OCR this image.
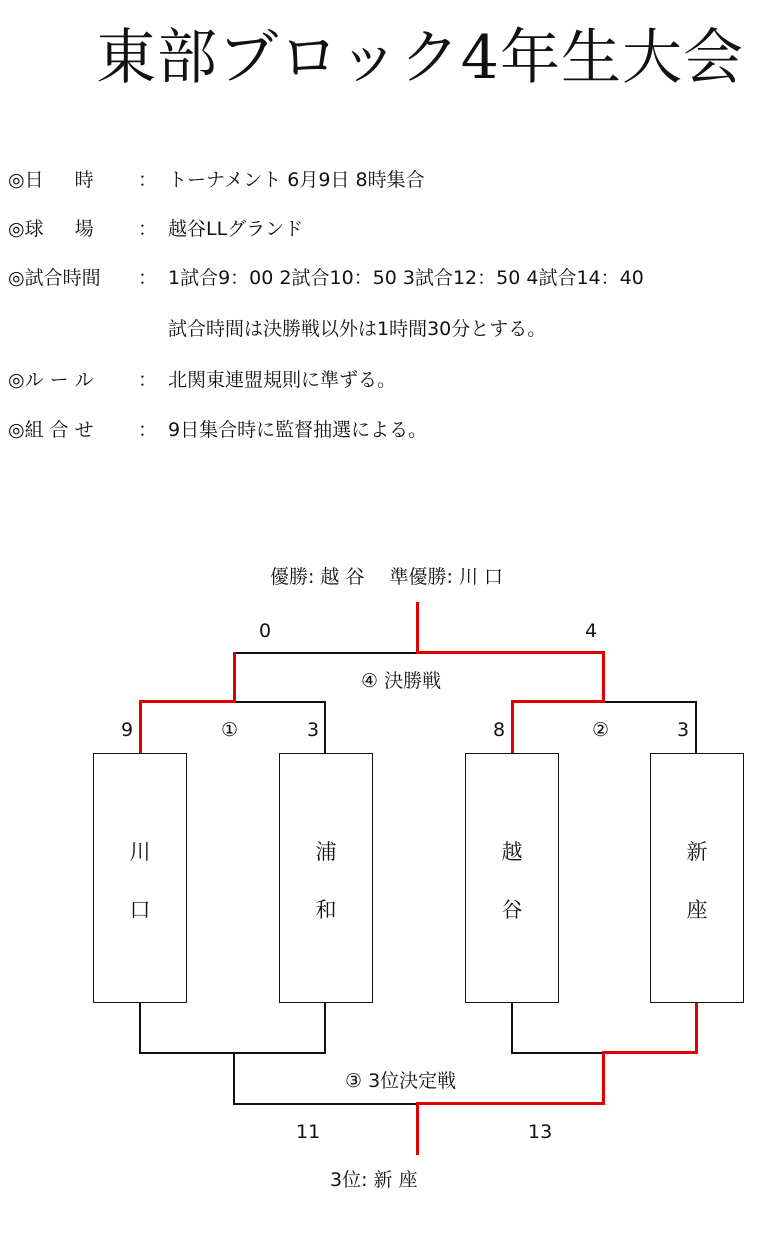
東部ブロック4年生大会
◎日 　 時 ： トーナメント 6月9日 8時集合
◎球 　 場 ： 越谷LLグランド
◎試合時間 ： 1試合9：00 2試合10：50 3試合12：50 4試合14：40
試合時間は決勝戦以外は1時間30分とする。
◎ル ー ル ： 北関東連盟規則に準ずる。
◎組 合 せ ： 9日集合時に監督抽選による。
優勝: 越 谷 　準優勝: 川 口
0	4
④ 決勝戦
9	①	3	8	②	3
③ 3位決定戦
11	13
3位: 新 座
川
口
浦
和
越
谷
新
座
